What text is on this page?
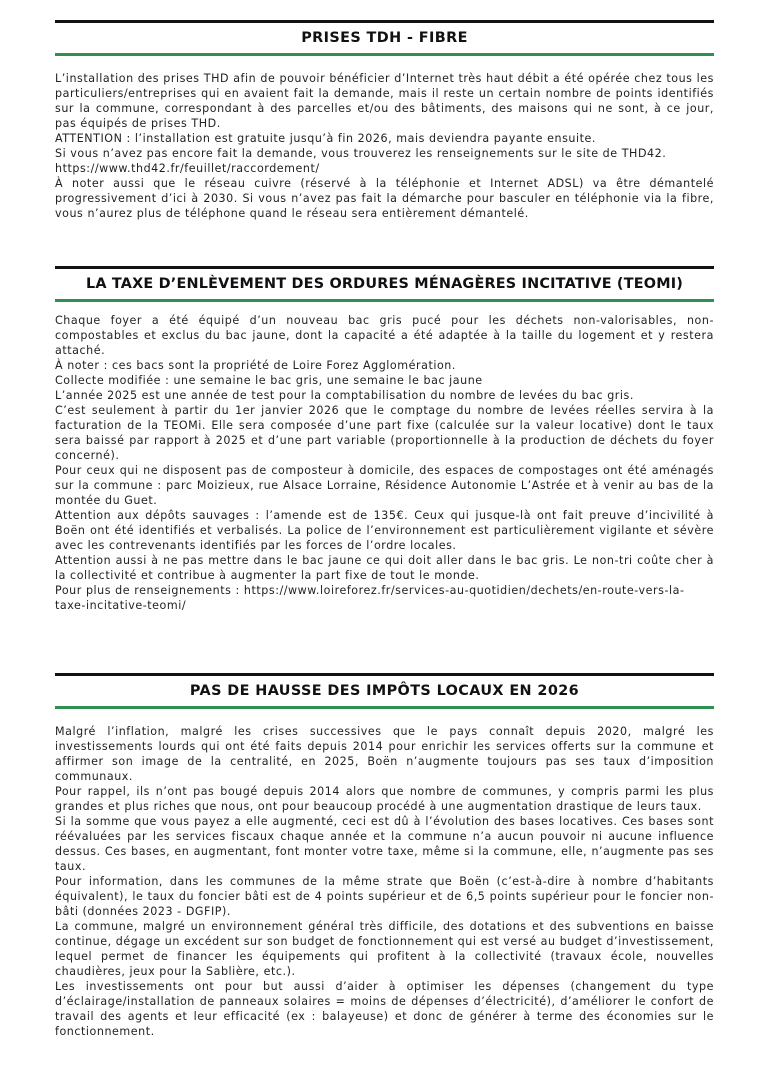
PRISES TDH - FIBRE

L’installation des prises THD afin de pouvoir bénéficier d’Internet très haut débit a été opérée chez tous les particuliers/entreprises qui en avaient fait la demande, mais il reste un certain nombre de points identifiés sur la commune, correspondant à des parcelles et/ou des bâtiments, des maisons qui ne sont, à ce jour, pas équipés de prises THD.

ATTENTION : l’installation est gratuite jusqu’à fin 2026, mais deviendra payante ensuite.

Si vous n’avez pas encore fait la demande, vous trouverez les renseignements sur le site de THD42.

https://www.thd42.fr/feuillet/raccordement/

À noter aussi que le réseau cuivre (réservé à la téléphonie et Internet ADSL) va être démantelé progressivement d’ici à 2030. Si vous n’avez pas fait la démarche pour basculer en téléphonie via la fibre, vous n’aurez plus de téléphone quand le réseau sera entièrement démantelé.

LA TAXE D’ENLÈVEMENT DES ORDURES MÉNAGÈRES INCITATIVE (TEOMI)

Chaque foyer a été équipé d’un nouveau bac gris pucé pour les déchets non-valorisables, non-compostables et exclus du bac jaune, dont la capacité a été adaptée à la taille du logement et y restera attaché.

À noter : ces bacs sont la propriété de Loire Forez Agglomération.

Collecte modifiée : une semaine le bac gris, une semaine le bac jaune

L’année 2025 est une année de test pour la comptabilisation du nombre de levées du bac gris.

C’est seulement à partir du 1er janvier 2026 que le comptage du nombre de levées réelles servira à la facturation de la TEOMi. Elle sera composée d’une part fixe (calculée sur la valeur locative) dont le taux sera baissé par rapport à 2025 et d’une part variable (proportionnelle à la production de déchets du foyer concerné).

Pour ceux qui ne disposent pas de composteur à domicile, des espaces de compostages ont été aménagés sur la commune : parc Moizieux, rue Alsace Lorraine, Résidence Autonomie L’Astrée et à venir au bas de la montée du Guet.

Attention aux dépôts sauvages : l’amende est de 135€. Ceux qui jusque-là ont fait preuve d’incivilité à Boën ont été identifiés et verbalisés. La police de l’environnement est particulièrement vigilante et sévère avec les contrevenants identifiés par les forces de l’ordre locales.

Attention aussi à ne pas mettre dans le bac jaune ce qui doit aller dans le bac gris. Le non-tri coûte cher à la collectivité et contribue à augmenter la part fixe de tout le monde.

Pour plus de renseignements : https://www.loireforez.fr/services-au-quotidien/dechets/en-route-vers-la-taxe-incitative-teomi/

PAS DE HAUSSE DES IMPÔTS LOCAUX EN 2026

Malgré l’inflation, malgré les crises successives que le pays connaît depuis 2020, malgré les investissements lourds qui ont été faits depuis 2014 pour enrichir les services offerts sur la commune et affirmer son image de la centralité, en 2025, Boën n’augmente toujours pas ses taux d’imposition communaux.

Pour rappel, ils n’ont pas bougé depuis 2014 alors que nombre de communes, y compris parmi les plus grandes et plus riches que nous, ont pour beaucoup procédé à une augmentation drastique de leurs taux.

Si la somme que vous payez a elle augmenté, ceci est dû à l’évolution des bases locatives. Ces bases sont réévaluées par les services fiscaux chaque année et la commune n’a aucun pouvoir ni aucune influence dessus. Ces bases, en augmentant, font monter votre taxe, même si la commune, elle, n’augmente pas ses taux.

Pour information, dans les communes de la même strate que Boën (c’est-à-dire à nombre d’habitants équivalent), le taux du foncier bâti est de 4 points supérieur et de 6,5 points supérieur pour le foncier non-bâti (données 2023 - DGFIP).

La commune, malgré un environnement général très difficile, des dotations et des subventions en baisse continue, dégage un excédent sur son budget de fonctionnement qui est versé au budget d’investissement, lequel permet de financer les équipements qui profitent à la collectivité (travaux école, nouvelles chaudières, jeux pour la Sablière, etc.).

Les investissements ont pour but aussi d’aider à optimiser les dépenses (changement du type d’éclairage/installation de panneaux solaires = moins de dépenses d’électricité), d’améliorer le confort de travail des agents et leur efficacité (ex : balayeuse) et donc de générer à terme des économies sur le fonctionnement.
